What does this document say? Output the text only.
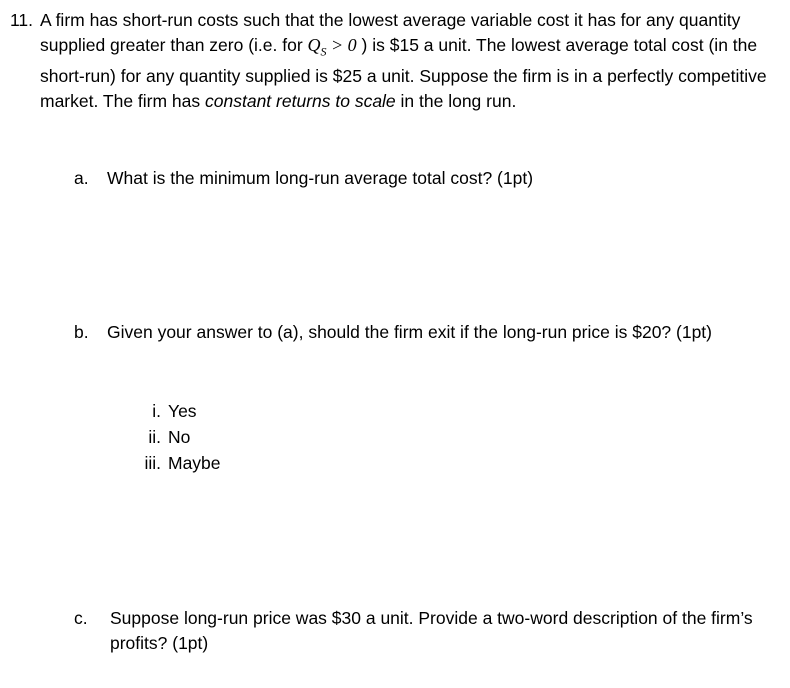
11. A firm has short-run costs such that the lowest average variable cost it has for any quantity supplied greater than zero (i.e. for $Q_S > 0$ ) is $15 a unit. The lowest average total cost (in the short-run) for any quantity supplied is $25 a unit. Suppose the firm is in a perfectly competitive market. The firm has constant returns to scale in the long run.
a.	What is the minimum long-run average total cost? (1pt)
b.	Given your answer to (a), should the firm exit if the long-run price is $20? (1pt)
i. Yes
ii. No
iii. Maybe
c.	Suppose long-run price was $30 a unit. Provide a two-word description of the firm’s profits? (1pt)
